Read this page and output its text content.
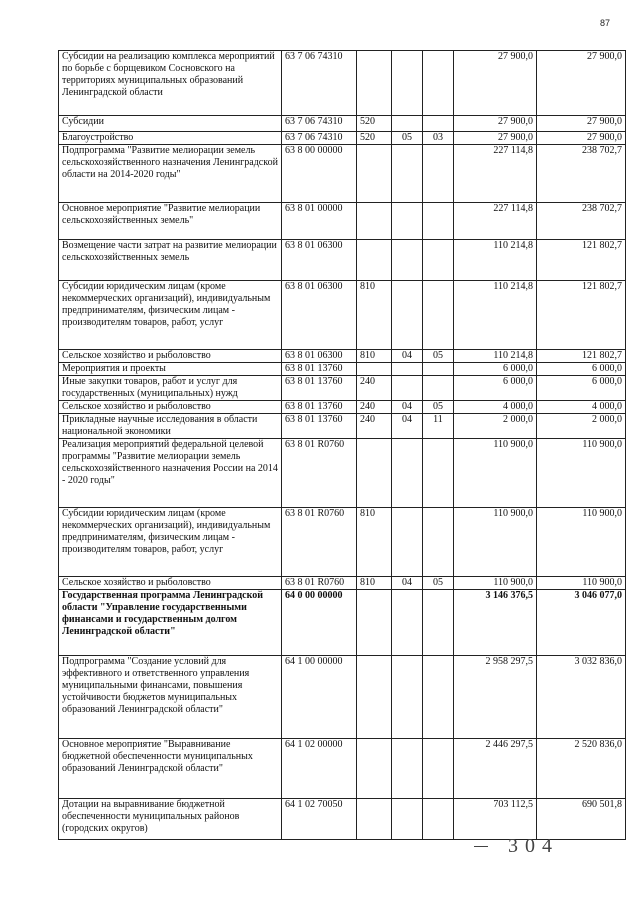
87
Субсидии на реализацию комплекса мероприятий по борьбе с борщевиком Сосновского на территориях муниципальных образований Ленинградской области	63 7 06 74310				27 900,0	27 900,0
Субсидии	63 7 06 74310	520			27 900,0	27 900,0
Благоустройство	63 7 06 74310	520	05	03	27 900,0	27 900,0
Подпрограмма "Развитие мелиорации земель сельскохозяйственного назначения Ленинградской области на 2014-2020 годы"	63 8 00 00000				227 114,8	238 702,7
Основное мероприятие "Развитие мелиорации сельскохозяйственных земель"	63 8 01 00000				227 114,8	238 702,7
Возмещение части затрат на развитие мелиорации сельскохозяйственных земель	63 8 01 06300				110 214,8	121 802,7
Субсидии юридическим лицам (кроме некоммерческих организаций), индивидуальным предпринимателям, физическим лицам - производителям товаров, работ, услуг	63 8 01 06300	810			110 214,8	121 802,7
Сельское хозяйство и рыболовство	63 8 01 06300	810	04	05	110 214,8	121 802,7
Мероприятия и проекты	63 8 01 13760				6 000,0	6 000,0
Иные закупки товаров, работ и услуг для государственных (муниципальных) нужд	63 8 01 13760	240			6 000,0	6 000,0
Сельское хозяйство и рыболовство	63 8 01 13760	240	04	05	4 000,0	4 000,0
Прикладные научные исследования в области национальной экономики	63 8 01 13760	240	04	11	2 000,0	2 000,0
Реализация мероприятий федеральной целевой программы "Развитие мелиорации земель сельскохозяйственного назначения России на 2014 - 2020 годы"	63 8 01 R0760				110 900,0	110 900,0
Субсидии юридическим лицам (кроме некоммерческих организаций), индивидуальным предпринимателям, физическим лицам - производителям товаров, работ, услуг	63 8 01 R0760	810			110 900,0	110 900,0
Сельское хозяйство и рыболовство	63 8 01 R0760	810	04	05	110 900,0	110 900,0
Государственная программа Ленинградской области "Управление государственными финансами и государственным долгом Ленинградской области"	64 0 00 00000				3 146 376,5	3 046 077,0
Подпрограмма "Создание условий для эффективного и ответственного управления муниципальными финансами, повышения устойчивости бюджетов муниципальных образований Ленинградской области"	64 1 00 00000				2 958 297,5	3 032 836,0
Основное мероприятие "Выравнивание бюджетной обеспеченности муниципальных образований Ленинградской области"	64 1 02 00000				2 446 297,5	2 520 836,0
Дотации на выравнивание бюджетной обеспеченности муниципальных районов (городских округов)	64 1 02 70050				703 112,5	690 501,8
3 0 4
